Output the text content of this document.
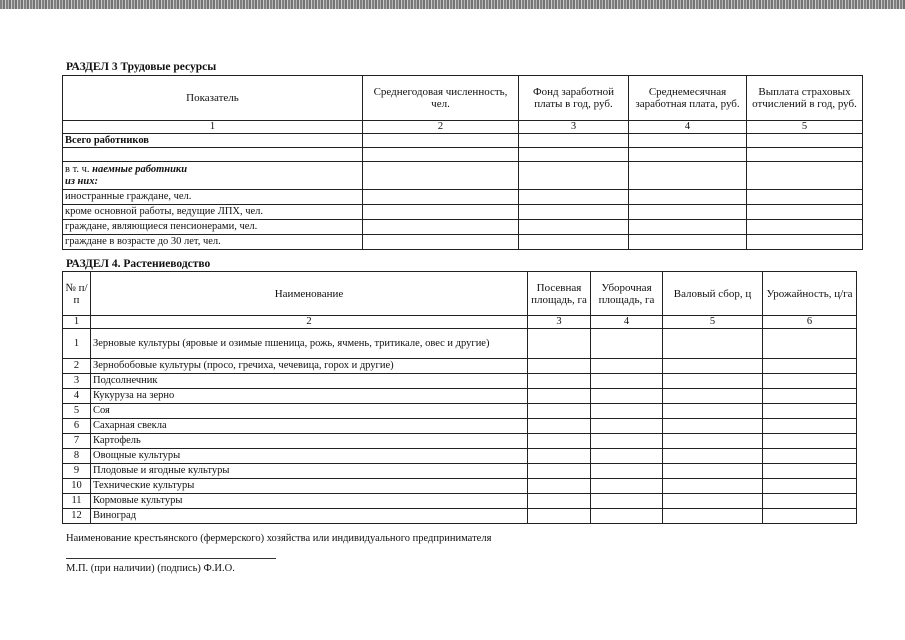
РАЗДЕЛ 3 Трудовые ресурсы
Показатель	Среднегодовая численность, чел.	Фонд заработной платы в год, руб.	Среднемесячная заработная плата, руб.	Выплата страховых отчислений в год, руб.
1	2	3	4	5
Всего работников				

в т. ч. наемные работники
из них:				
иностранные граждане, чел.				
кроме основной работы, ведущие ЛПХ, чел.				
граждане, являющиеся пенсионерами, чел.				
граждане в возрасте до 30 лет, чел.				
РАЗДЕЛ 4. Растениеводство
№ п/п	Наименование	Посевная площадь, га	Уборочная площадь, га	Валовый сбор, ц	Урожайность, ц/га
1	2	3	4	5	6
1	Зерновые культуры (яровые и озимые пшеница, рожь, ячмень, тритикале, овес и другие)				
2	Зернобобовые культуры (просо, гречиха, чечевица, горох и другие)				
3	Подсолнечник				
4	Кукуруза на зерно				
5	Соя				
6	Сахарная свекла				
7	Картофель				
8	Овощные культуры				
9	Плодовые и ягодные культуры				
10	Технические культуры				
11	Кормовые культуры				
12	Виноград				
Наименование крестьянского (фермерского) хозяйства или индивидуального предпринимателя
М.П. (при наличии) (подпись) Ф.И.О.
